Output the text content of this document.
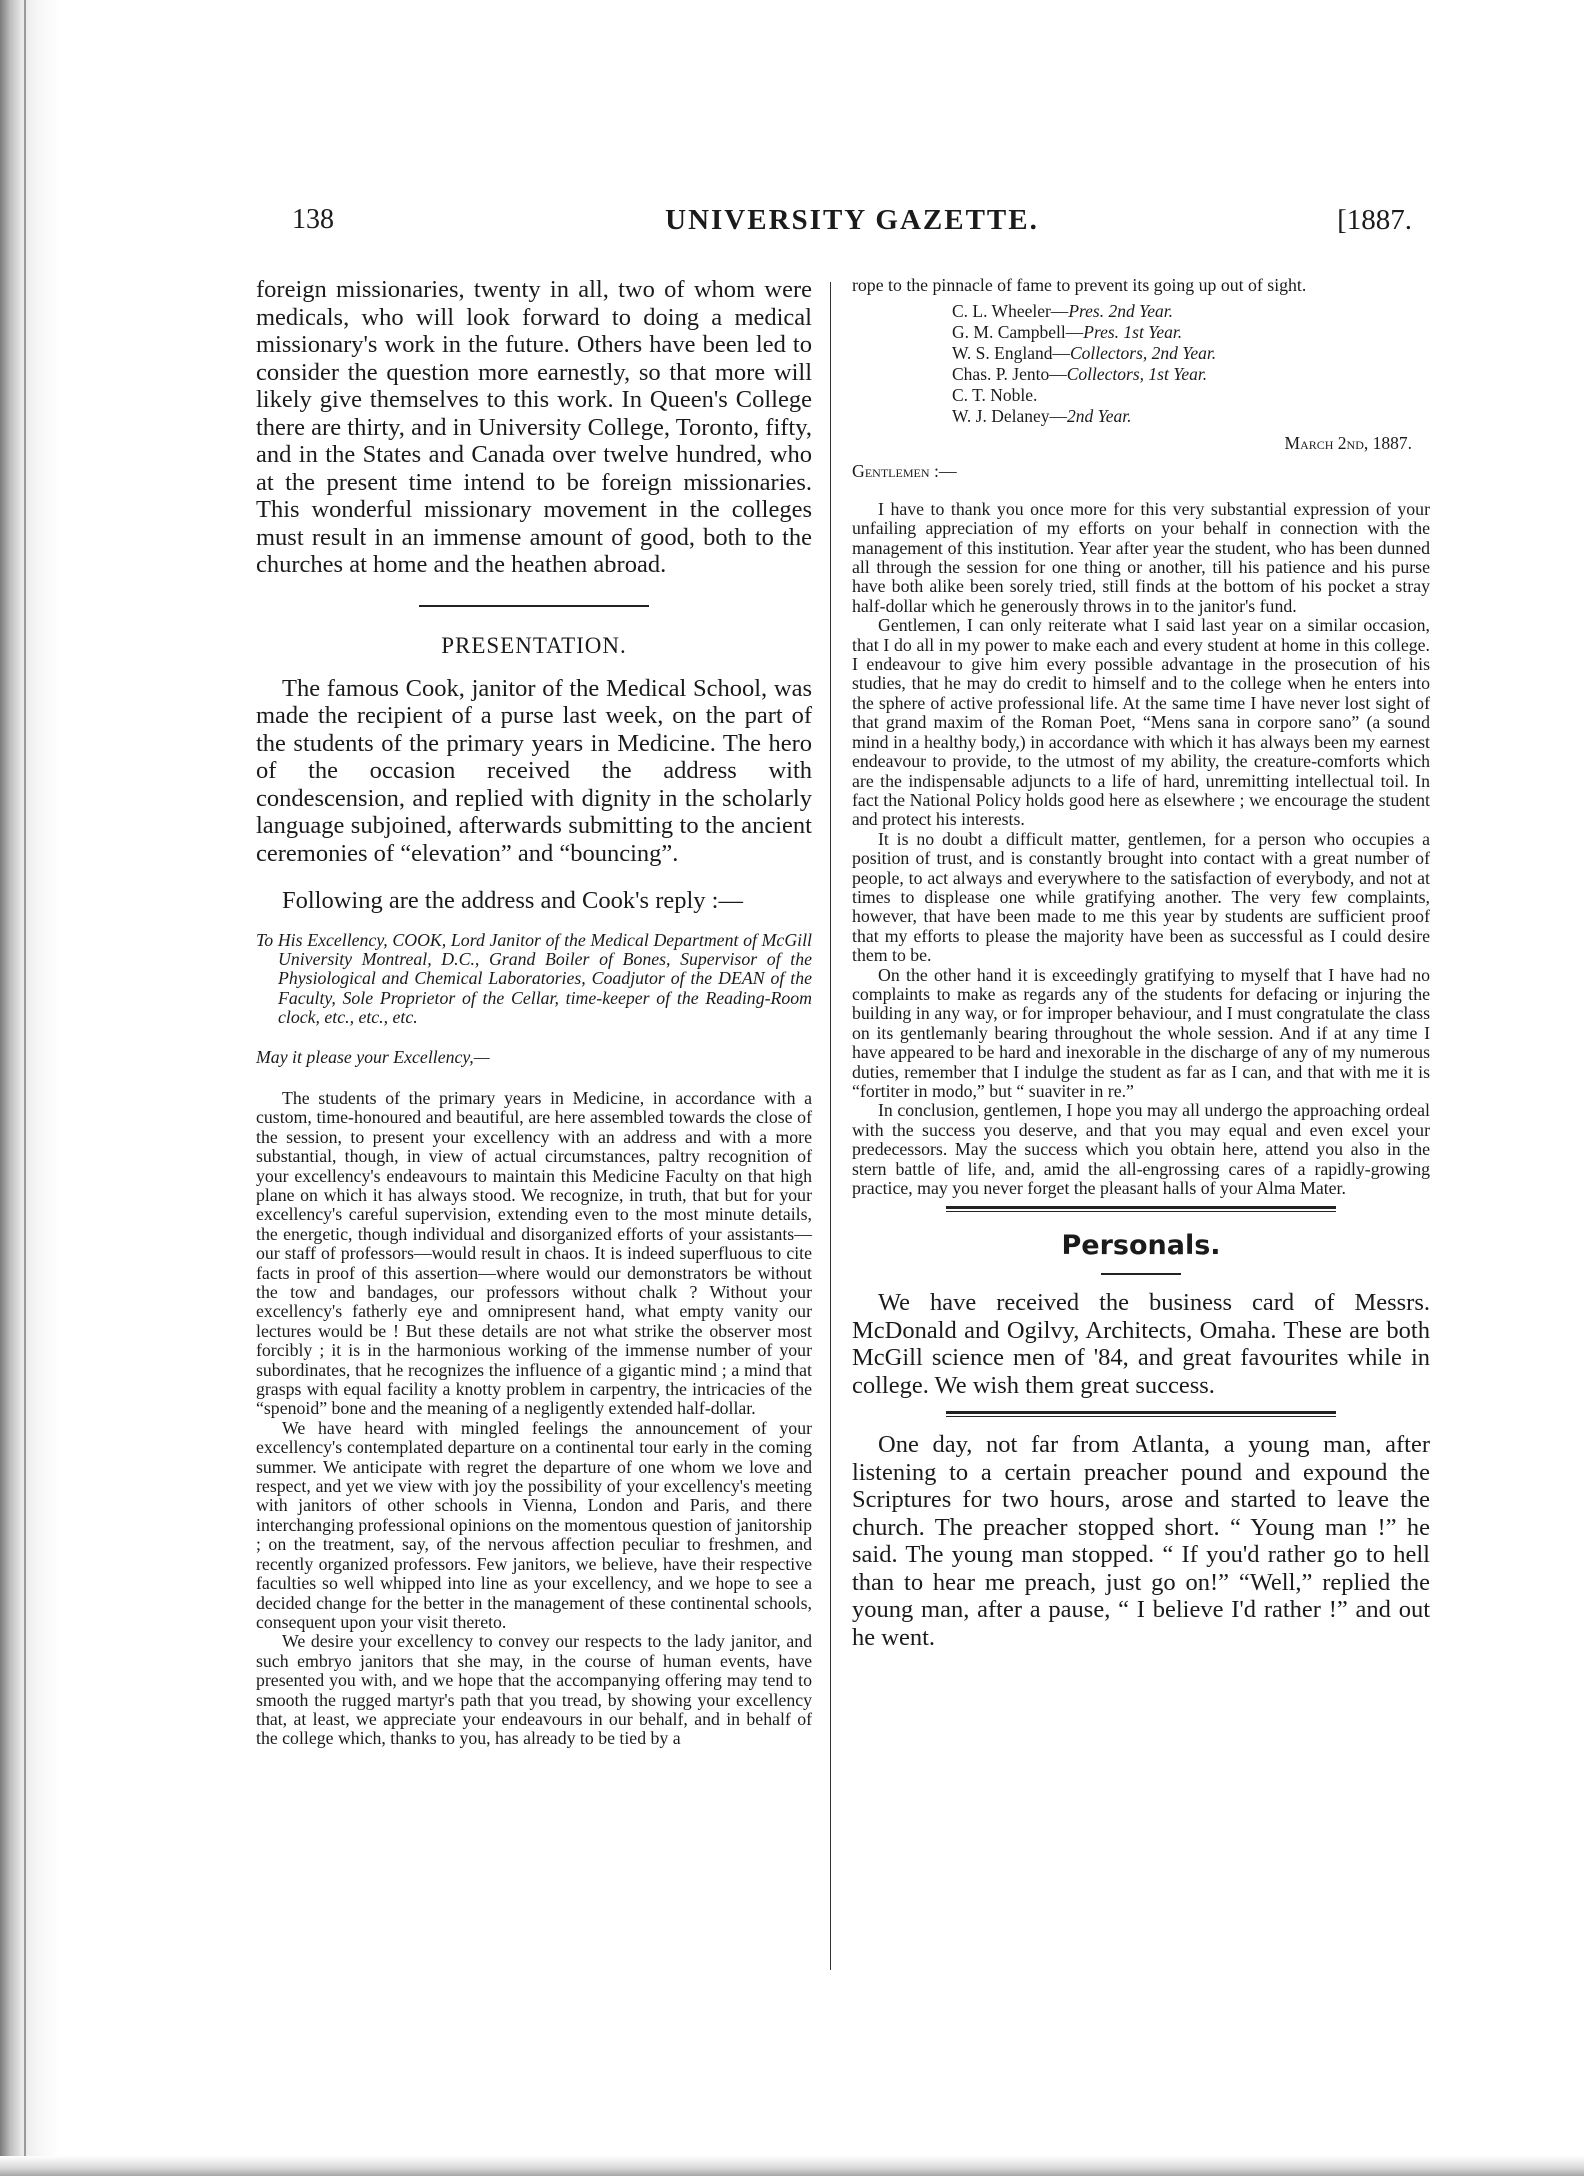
138	UNIVERSITY GAZETTE.	[1887.

foreign missionaries, twenty in all, two of whom were medicals, who will look forward to doing a medical missionary's work in the future. Others have been led to consider the question more earnestly, so that more will likely give themselves to this work. In Queen's College there are thirty, and in University College, Toronto, fifty, and in the States and Canada over twelve hundred, who at the present time intend to be foreign missionaries. This wonderful missionary movement in the colleges must result in an immense amount of good, both to the churches at home and the heathen abroad.

PRESENTATION.

The famous Cook, janitor of the Medical School, was made the recipient of a purse last week, on the part of the students of the primary years in Medicine. The hero of the occasion received the address with condescension, and replied with dignity in the scholarly language subjoined, afterwards submitting to the ancient ceremonies of “elevation” and “bouncing”.

Following are the address and Cook's reply :—

To His Excellency, COOK, Lord Janitor of the Medical Department of McGill University Montreal, D.C., Grand Boiler of Bones, Supervisor of the Physiological and Chemical Laboratories, Coadjutor of the DEAN of the Faculty, Sole Proprietor of the Cellar, time-keeper of the Reading-Room clock, etc., etc., etc.

May it please your Excellency,—

The students of the primary years in Medicine, in accordance with a custom, time-honoured and beautiful, are here assembled towards the close of the session, to present your excellency with an address and with a more substantial, though, in view of actual circumstances, paltry recognition of your excellency's endeavours to maintain this Medicine Faculty on that high plane on which it has always stood. We recognize, in truth, that but for your excellency's careful supervision, extending even to the most minute details, the energetic, though individual and disorganized efforts of your assistants—our staff of professors—would result in chaos. It is indeed superfluous to cite facts in proof of this assertion—where would our demonstrators be without the tow and bandages, our professors without chalk ? Without your excellency's fatherly eye and omnipresent hand, what empty vanity our lectures would be ! But these details are not what strike the observer most forcibly ; it is in the harmonious working of the immense number of your subordinates, that he recognizes the influence of a gigantic mind ; a mind that grasps with equal facility a knotty problem in carpentry, the intricacies of the “spenoid” bone and the meaning of a negligently extended half-dollar.

We have heard with mingled feelings the announcement of your excellency's contemplated departure on a continental tour early in the coming summer. We anticipate with regret the departure of one whom we love and respect, and yet we view with joy the possibility of your excellency's meeting with janitors of other schools in Vienna, London and Paris, and there interchanging professional opinions on the momentous question of janitorship ; on the treatment, say, of the nervous affection peculiar to freshmen, and recently organized professors. Few janitors, we believe, have their respective faculties so well whipped into line as your excellency, and we hope to see a decided change for the better in the management of these continental schools, consequent upon your visit thereto.

We desire your excellency to convey our respects to the lady janitor, and such embryo janitors that she may, in the course of human events, have presented you with, and we hope that the accompanying offering may tend to smooth the rugged martyr's path that you tread, by showing your excellency that, at least, we appreciate your endeavours in our behalf, and in behalf of the college which, thanks to you, has already to be tied by a

rope to the pinnacle of fame to prevent its going up out of sight.

C. L. Wheeler—Pres. 2nd Year.

G. M. Campbell—Pres. 1st Year.

W. S. England—Collectors, 2nd Year.

Chas. P. Jento—Collectors, 1st Year.

C. T. Noble.

W. J. Delaney—2nd Year.

March 2nd, 1887.

Gentlemen :—

I have to thank you once more for this very substantial expression of your unfailing appreciation of my efforts on your behalf in connection with the management of this institution. Year after year the student, who has been dunned all through the session for one thing or another, till his patience and his purse have both alike been sorely tried, still finds at the bottom of his pocket a stray half-dollar which he generously throws in to the janitor's fund.

Gentlemen, I can only reiterate what I said last year on a similar occasion, that I do all in my power to make each and every student at home in this college. I endeavour to give him every possible advantage in the prosecution of his studies, that he may do credit to himself and to the college when he enters into the sphere of active professional life. At the same time I have never lost sight of that grand maxim of the Roman Poet, “Mens sana in corpore sano” (a sound mind in a healthy body,) in accordance with which it has always been my earnest endeavour to provide, to the utmost of my ability, the creature-comforts which are the indispensable adjuncts to a life of hard, unremitting intellectual toil. In fact the National Policy holds good here as elsewhere ; we encourage the student and protect his interests.

It is no doubt a difficult matter, gentlemen, for a person who occupies a position of trust, and is constantly brought into contact with a great number of people, to act always and everywhere to the satisfaction of everybody, and not at times to displease one while gratifying another. The very few complaints, however, that have been made to me this year by students are sufficient proof that my efforts to please the majority have been as successful as I could desire them to be.

On the other hand it is exceedingly gratifying to myself that I have had no complaints to make as regards any of the students for defacing or injuring the building in any way, or for improper behaviour, and I must congratulate the class on its gentlemanly bearing throughout the whole session. And if at any time I have appeared to be hard and inexorable in the discharge of any of my numerous duties, remember that I indulge the student as far as I can, and that with me it is “fortiter in modo,” but “ suaviter in re.”

In conclusion, gentlemen, I hope you may all undergo the approaching ordeal with the success you deserve, and that you may equal and even excel your predecessors. May the success which you obtain here, attend you also in the stern battle of life, and, amid the all-engrossing cares of a rapidly-growing practice, may you never forget the pleasant halls of your Alma Mater.

Personals.

We have received the business card of Messrs. McDonald and Ogilvy, Architects, Omaha. These are both McGill science men of '84, and great favourites while in college. We wish them great success.

One day, not far from Atlanta, a young man, after listening to a certain preacher pound and expound the Scriptures for two hours, arose and started to leave the church. The preacher stopped short. “ Young man !” he said. The young man stopped. “ If you'd rather go to hell than to hear me preach, just go on!” “Well,” replied the young man, after a pause, “ I believe I'd rather !” and out he went.
